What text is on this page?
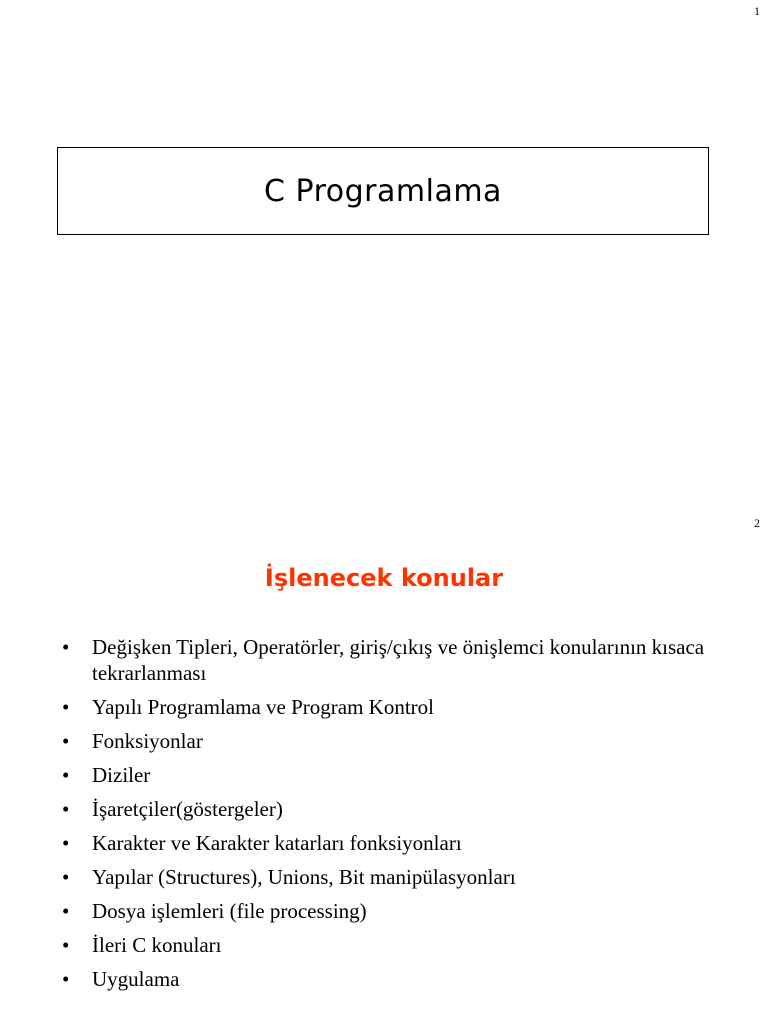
1
C Programlama
2
İşlenecek konular
•	Değişken Tipleri, Operatörler, giriş/çıkış ve önişlemci konularının kısaca tekrarlanması
•	Yapılı Programlama ve Program Kontrol
•	Fonksiyonlar
•	Diziler
•	İşaretçiler(göstergeler)
•	Karakter ve Karakter katarları fonksiyonları
•	Yapılar (Structures), Unions, Bit manipülasyonları
•	Dosya işlemleri (file processing)
•	İleri C konuları
•	Uygulama
